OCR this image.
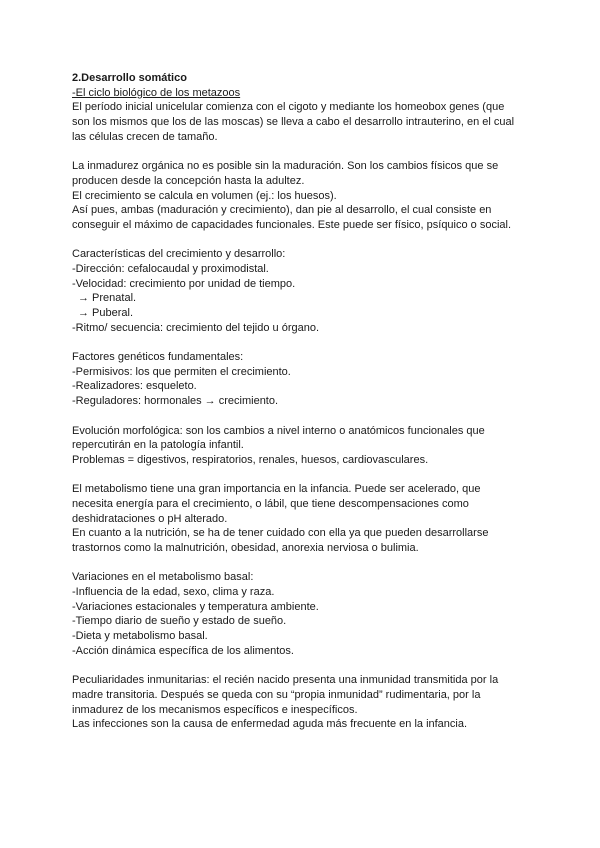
2.Desarrollo somático
-El ciclo biológico de los metazoos
El período inicial unicelular comienza con el cigoto y mediante los homeobox genes (que
son los mismos que los de las moscas) se lleva a cabo el desarrollo intrauterino, en el cual
las células crecen de tamaño.
La inmadurez orgánica no es posible sin la maduración. Son los cambios físicos que se
producen desde la concepción hasta la adultez.
El crecimiento se calcula en volumen (ej.: los huesos).
Así pues, ambas (maduración y crecimiento), dan pie al desarrollo, el cual consiste en
conseguir el máximo de capacidades funcionales. Este puede ser físico, psíquico o social.
Características del crecimiento y desarrollo:
-Dirección: cefalocaudal y proximodistal.
-Velocidad: crecimiento por unidad de tiempo.
→ Prenatal.
→ Puberal.
-Ritmo/ secuencia: crecimiento del tejido u órgano.
Factores genéticos fundamentales:
-Permisivos: los que permiten el crecimiento.
-Realizadores: esqueleto.
-Reguladores: hormonales → crecimiento.
Evolución morfológica: son los cambios a nivel interno o anatómicos funcionales que
repercutirán en la patología infantil.
Problemas = digestivos, respiratorios, renales, huesos, cardiovasculares.
El metabolismo tiene una gran importancia en la infancia. Puede ser acelerado, que
necesita energía para el crecimiento, o lábil, que tiene descompensaciones como
deshidrataciones o pH alterado.
En cuanto a la nutrición, se ha de tener cuidado con ella ya que pueden desarrollarse
trastornos como la malnutrición, obesidad, anorexia nerviosa o bulimia.
Variaciones en el metabolismo basal:
-Influencia de la edad, sexo, clima y raza.
-Variaciones estacionales y temperatura ambiente.
-Tiempo diario de sueño y estado de sueño.
-Dieta y metabolismo basal.
-Acción dinámica específica de los alimentos.
Peculiaridades inmunitarias: el recién nacido presenta una inmunidad transmitida por la
madre transitoria. Después se queda con su “propia inmunidad” rudimentaria, por la
inmadurez de los mecanismos específicos e inespecíficos.
Las infecciones son la causa de enfermedad aguda más frecuente en la infancia.
